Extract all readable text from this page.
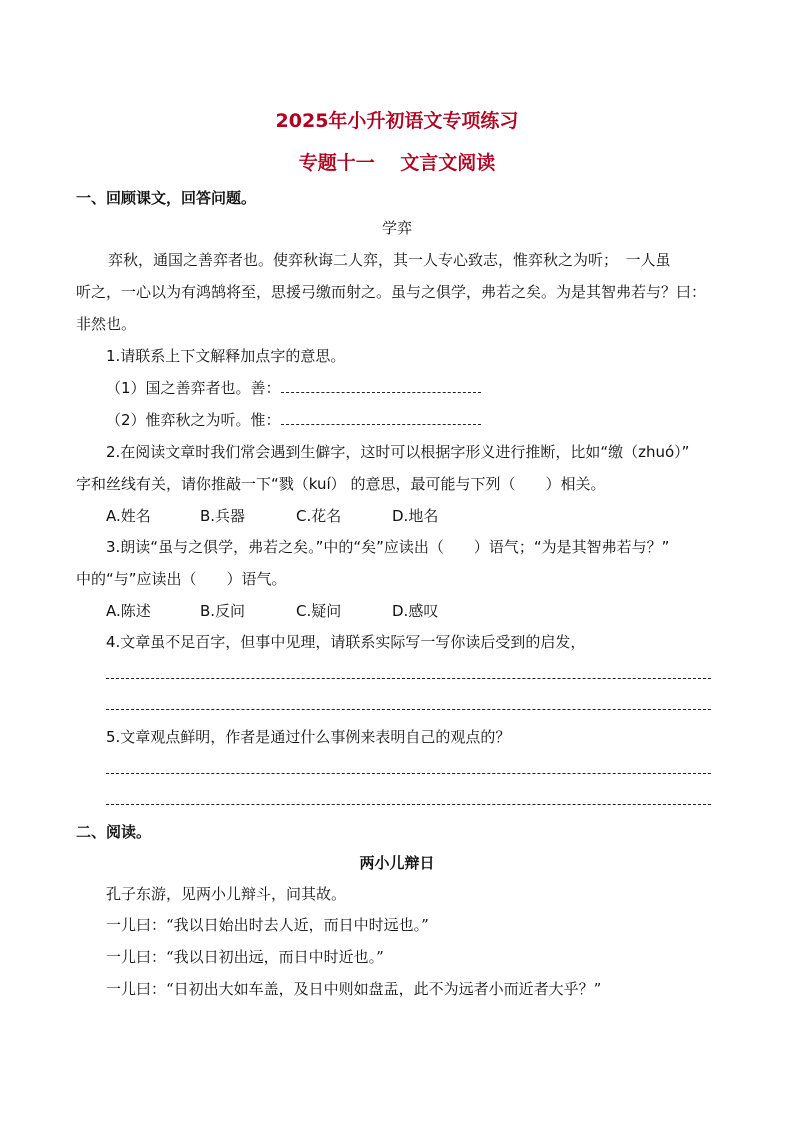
2025年小升初语文专项练习
专题十一　 文言文阅读
一、回顾课文，回答问题。
学弈
弈秋，通国之善弈者也。使弈秋诲二人弈，其一人专心致志，惟弈秋之为听；　一人虽
听之，一心以为有鸿鹄将至，思援弓缴而射之。虽与之俱学，弗若之矣。为是其智弗若与？曰：
非然也。
1.请联系上下文解释加点字的意思。
（1）国之善弈者也。善：
（2）惟弈秋之为听。惟：
2.在阅读文章时我们常会遇到生僻字，这时可以根据字形义进行推断，比如“缴（zhuó）”
字和丝线有关，请你推敲一下“戮（kuí） 的意思，最可能与下列（　　）相关。
A.姓名	B.兵器	C.花名	D.地名
3.朗读“虽与之俱学，弗若之矣。”中的“矣”应读出（　　）语气；“为是其智弗若与？”
中的“与”应读出（　　）语气。
A.陈述	B.反问	C.疑问	D.感叹
4.文章虽不足百字，但事中见理，请联系实际写一写你读后受到的启发，
5.文章观点鲜明，作者是通过什么事例来表明自己的观点的？
二、阅读。
两小儿辩日
孔子东游，见两小儿辩斗，问其故。
一儿曰：“我以日始出时去人近，而日中时远也。”
一儿曰：“我以日初出远，而日中时近也。”
一儿曰：“日初出大如车盖，及日中则如盘盂，此不为远者小而近者大乎？”
